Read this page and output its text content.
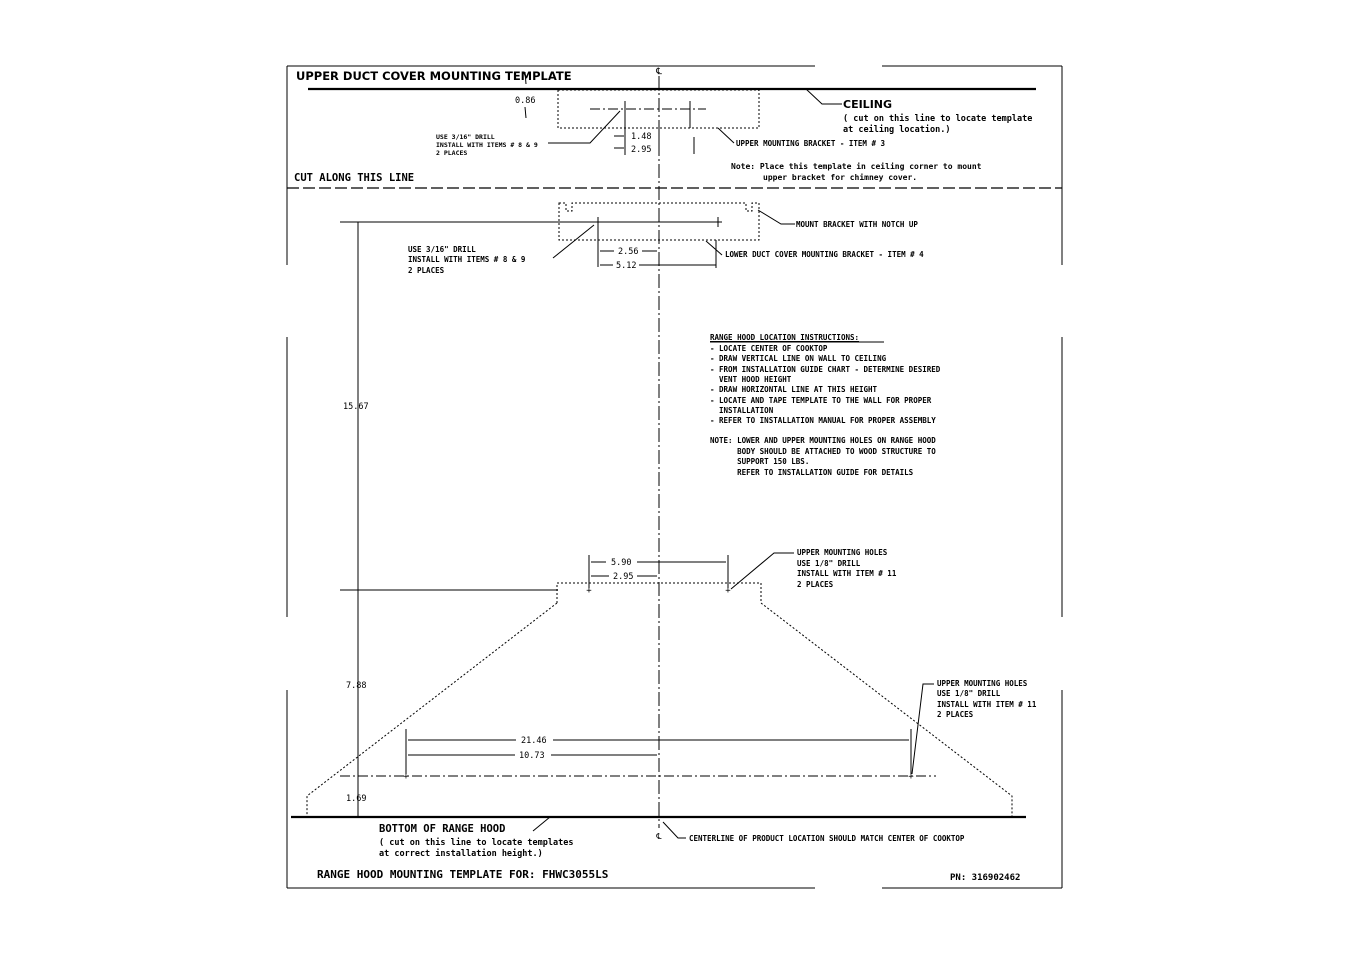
℄
UPPER DUCT COVER MOUNTING TEMPLATE
CEILING
( cut on this line to locate template
at ceiling location.)
0.86
USE 3/16" DRILL
INSTALL WITH ITEMS # 8 & 9
2 PLACES
1.48
2.95
UPPER MOUNTING BRACKET - ITEM # 3
Note: Place this template in ceiling corner to mount
upper bracket for chimney cover.
CUT ALONG THIS LINE
MOUNT BRACKET WITH NOTCH UP
USE 3/16" DRILL
INSTALL WITH ITEMS # 8 & 9
2 PLACES
2.56
5.12
LOWER DUCT COVER MOUNTING BRACKET - ITEM # 4
15.67
7.88
1.69
RANGE HOOD LOCATION INSTRUCTIONS:
- LOCATE CENTER OF COOKTOP
- DRAW VERTICAL LINE ON WALL TO CEILING
- FROM INSTALLATION GUIDE CHART - DETERMINE DESIRED
VENT HOOD HEIGHT
- DRAW HORIZONTAL LINE AT THIS HEIGHT
- LOCATE AND TAPE TEMPLATE TO THE WALL FOR PROPER
INSTALLATION
- REFER TO INSTALLATION MANUAL FOR PROPER ASSEMBLY
NOTE: LOWER AND UPPER MOUNTING HOLES ON RANGE HOOD
BODY SHOULD BE ATTACHED TO WOOD STRUCTURE TO
SUPPORT 150 LBS.
REFER TO INSTALLATION GUIDE FOR DETAILS
5.90
2.95
+	+
UPPER MOUNTING HOLES
USE 1/8" DRILL
INSTALL WITH ITEM # 11
2 PLACES
21.46
10.73
+	+
UPPER MOUNTING HOLES
USE 1/8" DRILL
INSTALL WITH ITEM # 11
2 PLACES
BOTTOM OF RANGE HOOD
( cut on this line to locate templates
at correct installation height.)
℄	CENTERLINE OF PRODUCT LOCATION SHOULD MATCH CENTER OF COOKTOP
RANGE HOOD MOUNTING TEMPLATE FOR: FHWC3055LS	PN: 316902462
